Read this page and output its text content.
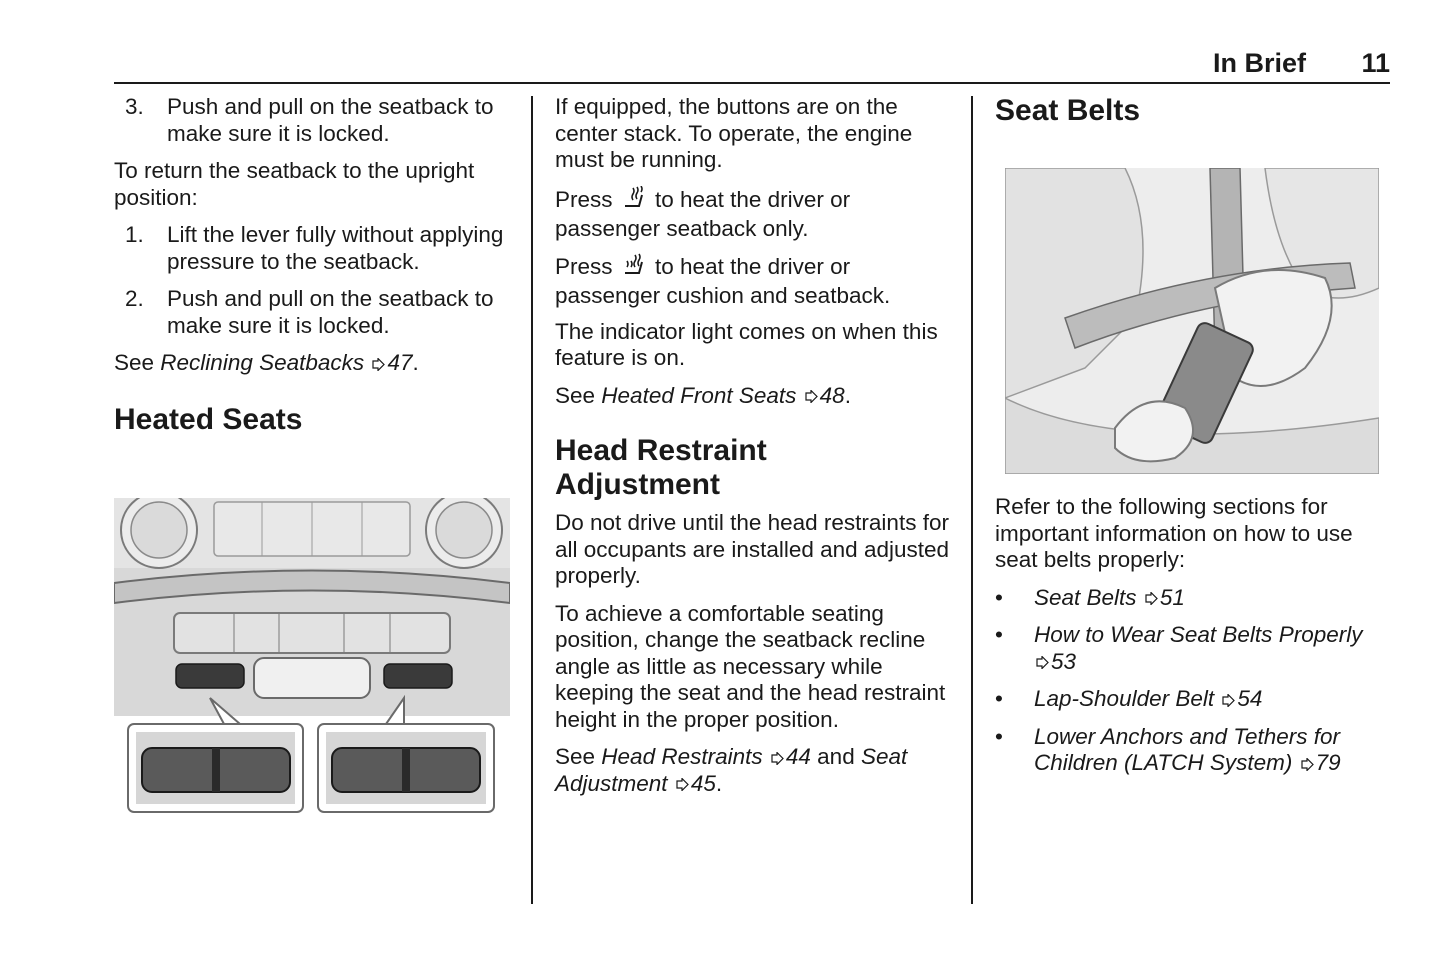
In Brief 11
3. Push and pull on the seatback to make sure it is locked.

To return the seatback to the upright position:

1. Lift the lever fully without applying pressure to the seatback.
2. Push and pull on the seatback to make sure it is locked.

See Reclining Seatbacks 47.

Heated Seats

If equipped, the buttons are on the center stack. To operate, the engine must be running.

Press  to heat the driver or passenger seatback only.

Press  to heat the driver or passenger cushion and seatback.

The indicator light comes on when this feature is on.

See Heated Front Seats 48.

Head Restraint
Adjustment

Do not drive until the head restraints for all occupants are installed and adjusted properly.

To achieve a comfortable seating position, change the seatback recline angle as little as necessary while keeping the seat and the head restraint height in the proper position.

See Head Restraints 44 and Seat Adjustment 45.

Seat Belts

Refer to the following sections for important information on how to use seat belts properly:

• Seat Belts 51
• How to Wear Seat Belts Properly
53
• Lap-Shoulder Belt 54
• Lower Anchors and Tethers for Children (LATCH System) 79
